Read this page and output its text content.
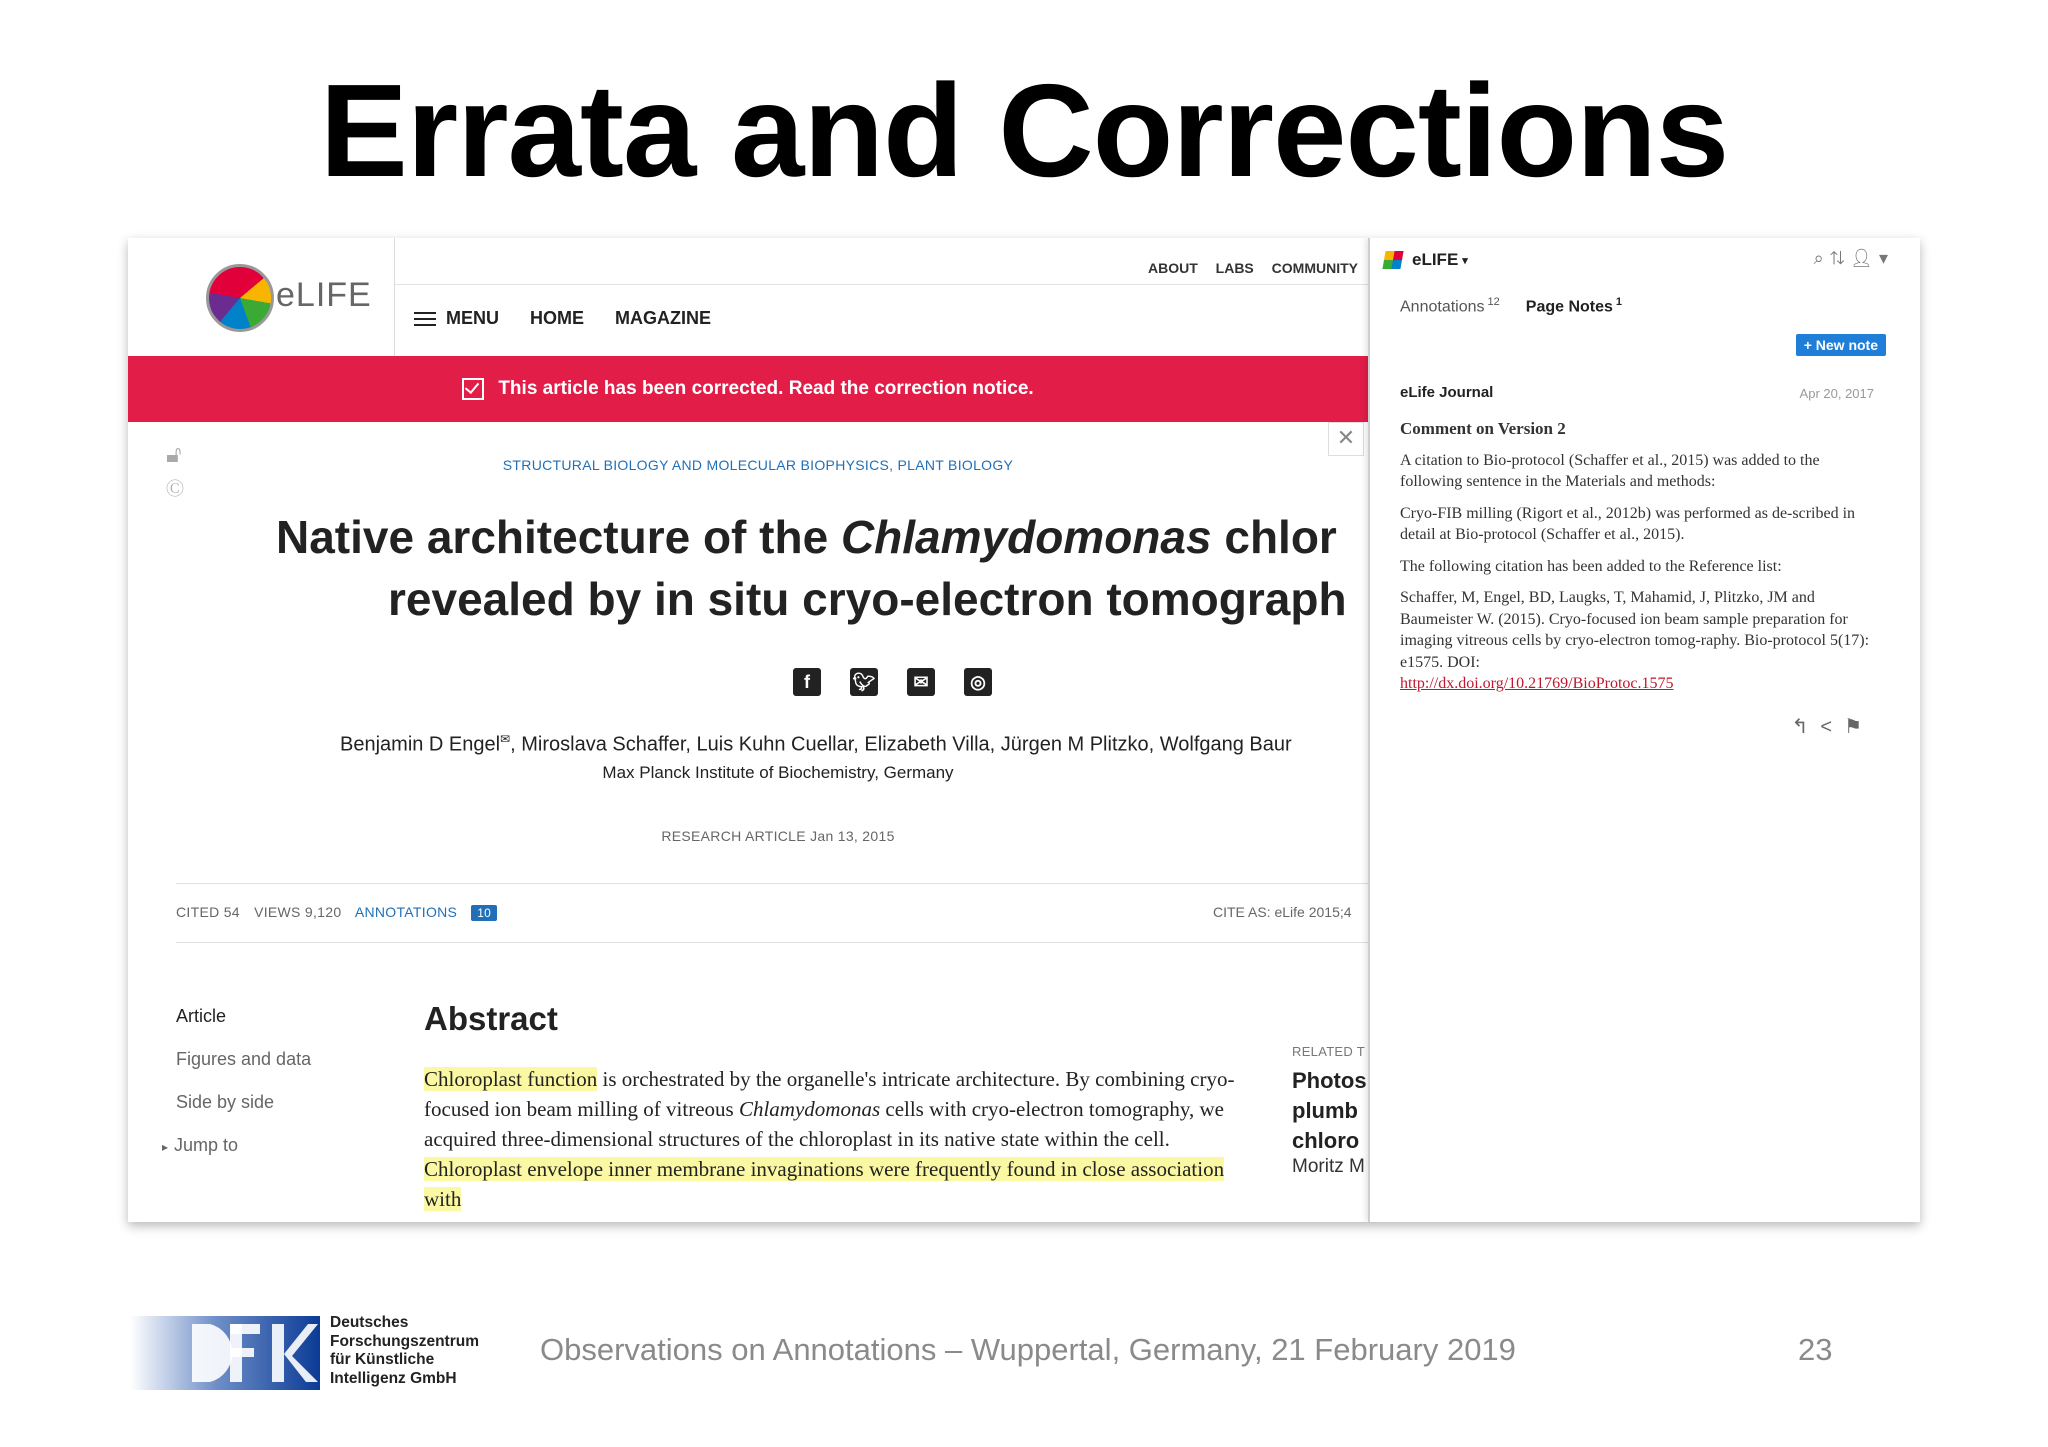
Errata and Corrections
eLIFE
ABOUT LABS COMMUNITY
MENU HOME MAGAZINE
This article has been corrected. Read the correction notice.
🔓︎
Ⓒ
✕
STRUCTURAL BIOLOGY AND MOLECULAR BIOPHYSICS, PLANT BIOLOGY
Native architecture of the Chlamydomonas chlor
revealed by in situ cryo-electron tomograph
f	🐦︎	✉	◎
Benjamin D Engel✉, Miroslava Schaffer, Luis Kuhn Cuellar, Elizabeth Villa, Jürgen M Plitzko, Wolfgang Baur
Max Planck Institute of Biochemistry, Germany
RESEARCH ARTICLE Jan 13, 2015
CITED 54 VIEWS 9,120 ANNOTATIONS 10	CITE AS: eLife 2015;4
Article
Figures and data
Side by side
▸ Jump to
Abstract
Chloroplast function is orchestrated by the organelle's intricate architecture. By combining cryo-focused ion beam milling of vitreous Chlamydomonas cells with cryo-electron tomography, we acquired three-dimensional structures of the chloroplast in its native state within the cell. Chloroplast envelope inner membrane invaginations were frequently found in close association with
RELATED T
Photos
plumb
chloro
Moritz M
eLIFE ▾	⌕⇅👤︎▾
Annotations $^{12}$ Page Notes $^1$
+ New note
eLife Journal	Apr 20, 2017
Comment on Version 2

A citation to Bio-protocol (Schaffer et al., 2015) was added to the following sentence in the Materials and methods:

Cryo-FIB milling (Rigort et al., 2012b) was performed as de-scribed in detail at Bio-protocol (Schaffer et al., 2015).

The following citation has been added to the Reference list:

Schaffer, M, Engel, BD, Laugks, T, Mahamid, J, Plitzko, JM and Baumeister W. (2015). Cryo-focused ion beam sample preparation for imaging vitreous cells by cryo-electron tomog-raphy. Bio-protocol 5(17): e1575. DOI:
http://dx.doi.org/10.21769/BioProtoc.1575

↰<⚑
Deutsches
Forschungszentrum
für Künstliche
Intelligenz GmbH
Observations on Annotations – Wuppertal, Germany, 21 February 2019	23
